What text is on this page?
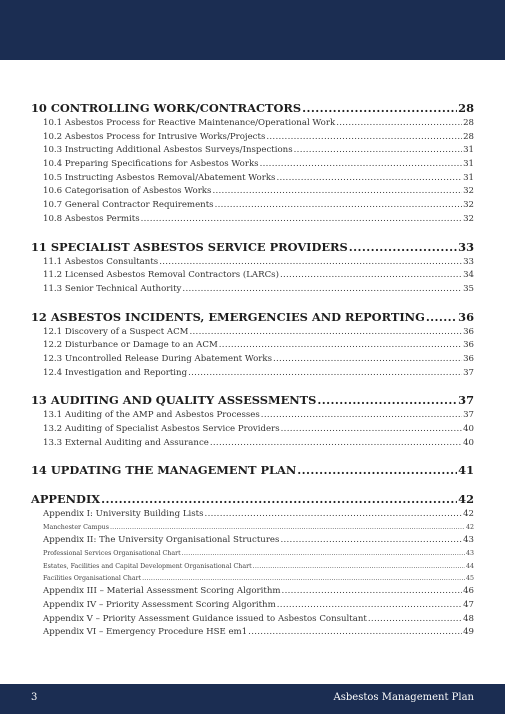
10 CONTROLLING WORK/CONTRACTORS .....	28
10.1 Asbestos Process for Reactive Maintenance/Operational Work .....	28
10.2 Asbestos Process for Intrusive Works/Projects .....	28
10.3 Instructing Additional Asbestos Surveys/Inspections .....	31
10.4 Preparing Specifications for Asbestos Works .....	31
10.5 Instructing Asbestos Removal/Abatement Works .....	31
10.6 Categorisation of Asbestos Works .....	32
10.7 General Contractor Requirements .....	32
10.8 Asbestos Permits .....	32
11 SPECIALIST ASBESTOS SERVICE PROVIDERS .....	33
11.1 Asbestos Consultants .....	33
11.2 Licensed Asbestos Removal Contractors (LARCs) .....	34
11.3 Senior Technical Authority .....	35
12 ASBESTOS INCIDENTS, EMERGENCIES AND REPORTING .....	36
12.1 Discovery of a Suspect ACM .....	36
12.2 Disturbance or Damage to an ACM .....	36
12.3 Uncontrolled Release During Abatement Works .....	36
12.4 Investigation and Reporting .....	37
13 AUDITING AND QUALITY ASSESSMENTS .....	37
13.1 Auditing of the AMP and Asbestos Processes .....	37
13.2 Auditing of Specialist Asbestos Service Providers .....	40
13.3 External Auditing and Assurance .....	40
14 UPDATING THE MANAGEMENT PLAN .....	41
APPENDIX .....	42
Appendix I: University Building Lists .....	42
Manchester Campus .....	42
Appendix II: The University Organisational Structures .....	43
Professional Services Organisational Chart .....	43
Estates, Facilities and Capital Development Organisational Chart .....	44
Facilities Organisational Chart .....	45
Appendix III – Material Assessment Scoring Algorithm .....	46
Appendix IV – Priority Assessment Scoring Algorithm .....	47
Appendix V – Priority Assessment Guidance issued to Asbestos Consultant .....	48
Appendix VI – Emergency Procedure HSE em1 .....	49
3	Asbestos Management Plan
